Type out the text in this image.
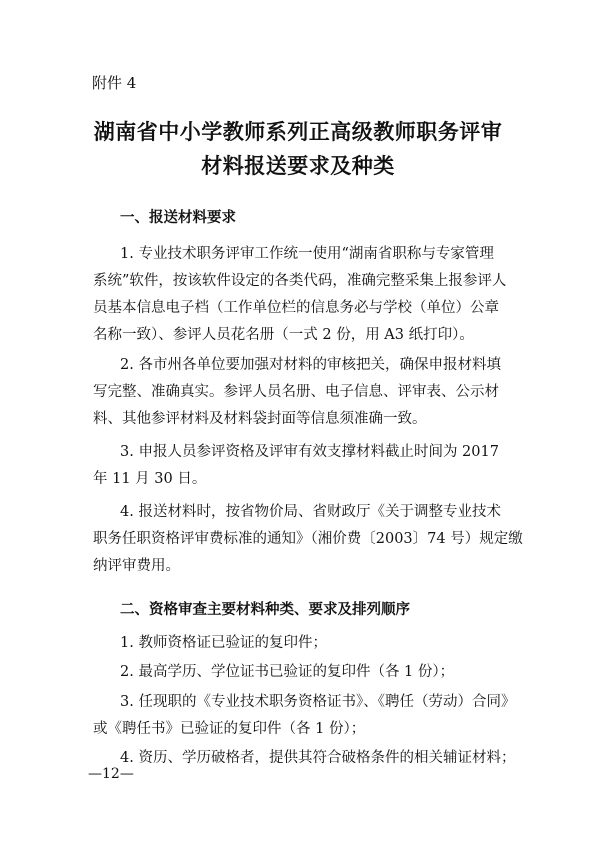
附件 4
湖南省中小学教师系列正高级教师职务评审
材料报送要求及种类
一、报送材料要求
1. 专业技术职务评审工作统一使用“湖南省职称与专家管理
系统”软件，按该软件设定的各类代码，准确完整采集上报参评人
员基本信息电子档（工作单位栏的信息务必与学校（单位）公章
名称一致）、参评人员花名册（一式 2 份，用 A3 纸打印）。
2. 各市州各单位要加强对材料的审核把关，确保申报材料填
写完整、准确真实。参评人员名册、电子信息、评审表、公示材
料、其他参评材料及材料袋封面等信息须准确一致。
3. 申报人员参评资格及评审有效支撑材料截止时间为 2017
年 11 月 30 日。
4. 报送材料时，按省物价局、省财政厅《关于调整专业技术
职务任职资格评审费标准的通知》（湘价费〔2003〕74 号）规定缴
纳评审费用。
二、资格审查主要材料种类、要求及排列顺序
1. 教师资格证已验证的复印件；
2. 最高学历、学位证书已验证的复印件（各 1 份）；
3. 任现职的《专业技术职务资格证书》、《聘任（劳动）合同》
或《聘任书》已验证的复印件（各 1 份）；
4. 资历、学历破格者，提供其符合破格条件的相关辅证材料；
—12—
